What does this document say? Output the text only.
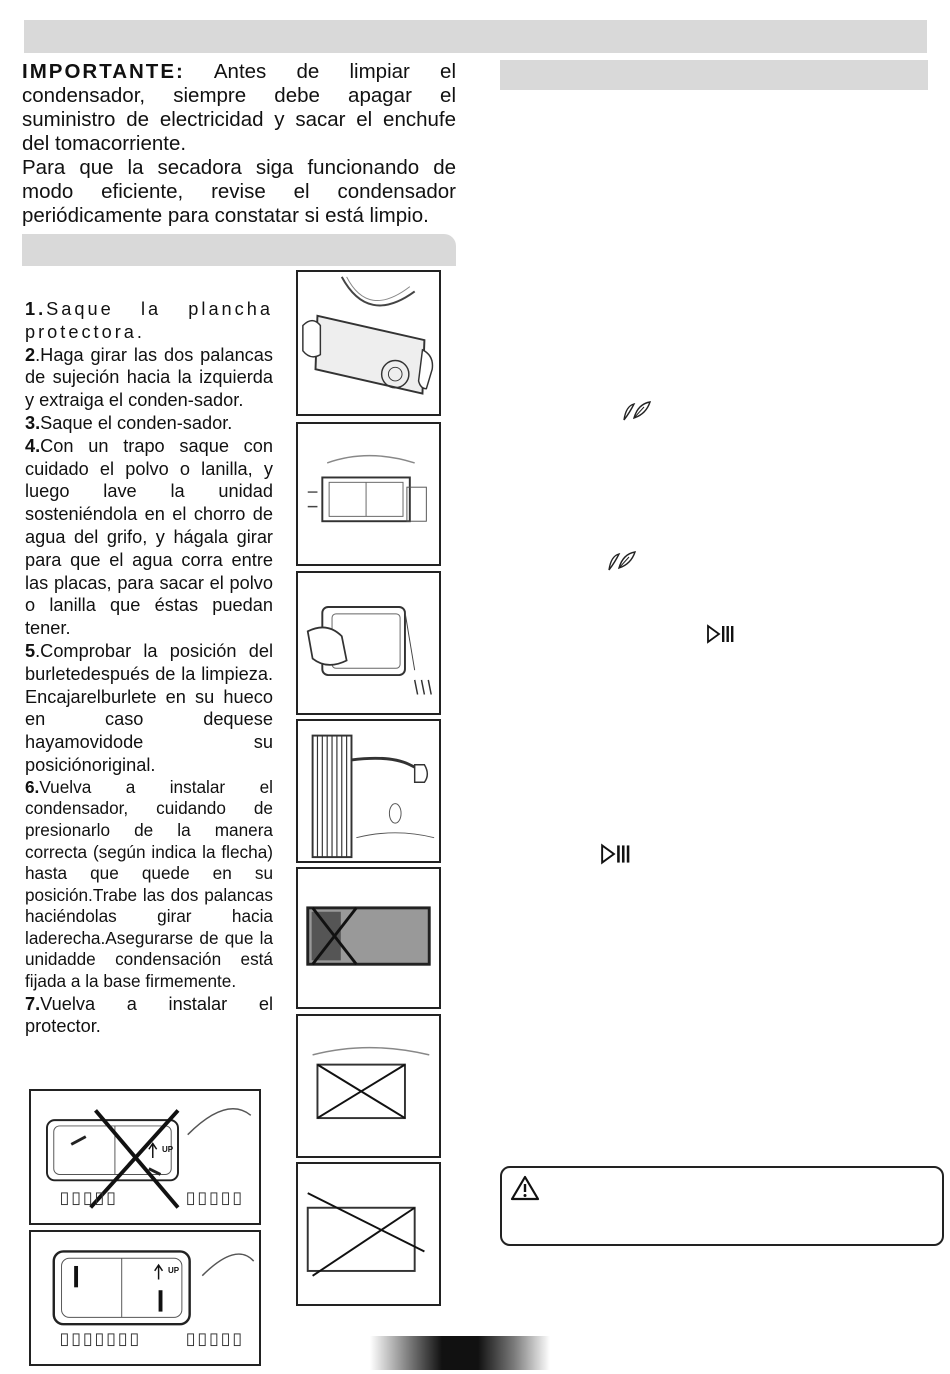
IMPORTANTE: Antes de limpiar el condensador, siempre debe apagar el suministro de electricidad y sacar el enchufe del tomacorriente.

Para que la secadora siga funcionando de modo eficiente, revise el condensador periódicamente para constatar si está limpio.

1.Saque la plancha protectora.

2.Haga girar las dos palancas de sujeción hacia la izquierda y extraiga el conden-sador.

3.Saque el conden-sador.

4.Con un trapo saque con cuidado el polvo o lanilla, y luego lave la unidad sosteniéndola en el chorro de agua del grifo, y hágala girar para que el agua corra entre las placas, para sacar el polvo o lanilla que éstas puedan tener.

5.Comprobar la posición del burletedespués de la limpieza. Encajarelburlete en su hueco en caso dequese hayamovidode su posiciónoriginal.

6.Vuelva a instalar el condensador, cuidando de presionarlo de la manera correcta (según indica la flecha) hasta que quede en su posición.Trabe las dos palancas haciéndolas girar hacia laderecha.Asegurarse de que la unidadde condensación está fijada a la base firmemente.

7.Vuelva a instalar el protector.

UP
UP
